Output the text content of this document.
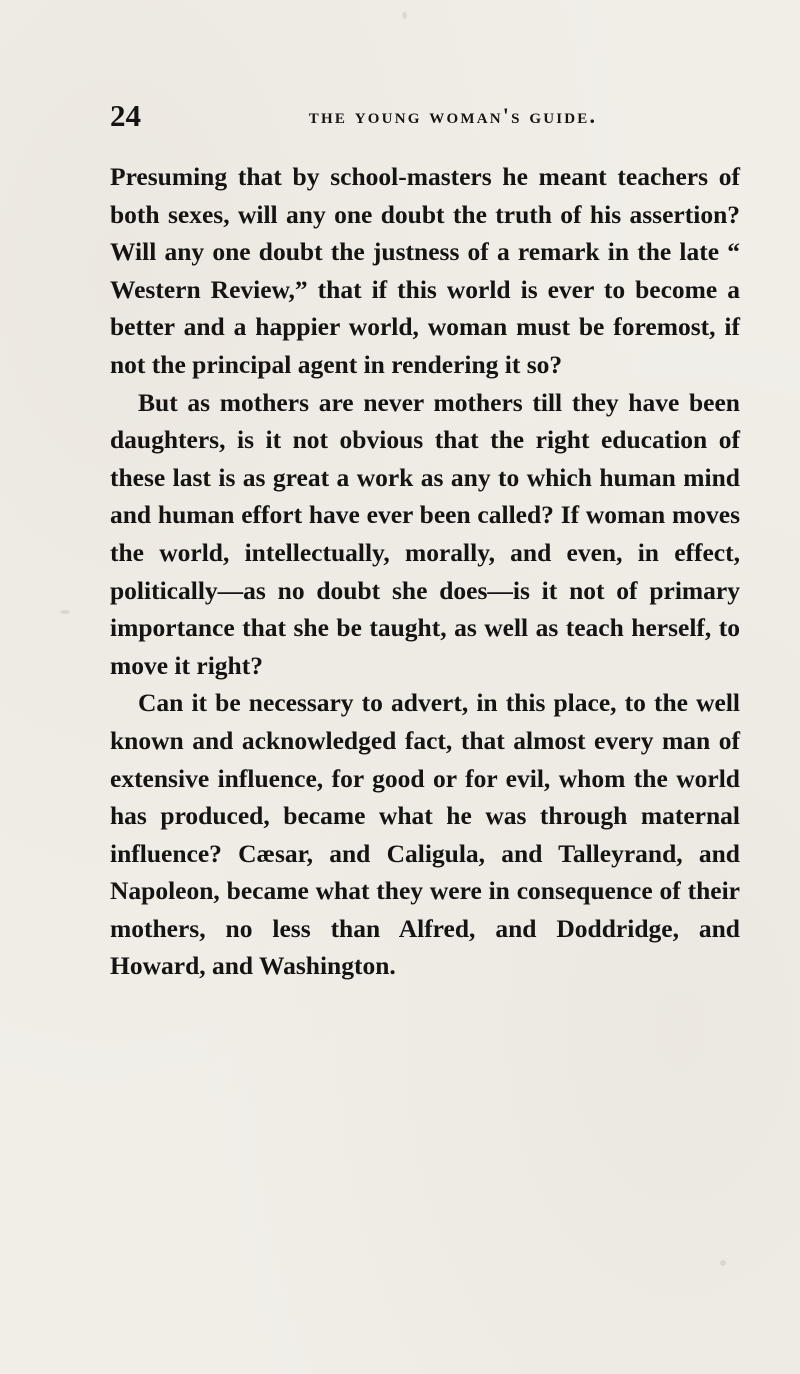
24	the young woman's guide.

Presuming that by school-masters he meant teachers of both sexes, will any one doubt the truth of his assertion? Will any one doubt the justness of a remark in the late “ Western Review,” that if this world is ever to become a better and a happier world, woman must be foremost, if not the principal agent in rendering it so?

But as mothers are never mothers till they have been daughters, is it not obvious that the right education of these last is as great a work as any to which human mind and human effort have ever been called? If woman moves the world, intellectually, morally, and even, in effect, politically—as no doubt she does—is it not of primary importance that she be taught, as well as teach herself, to move it right?

Can it be necessary to advert, in this place, to the well known and acknowledged fact, that almost every man of extensive influence, for good or for evil, whom the world has produced, became what he was through maternal influence? Cæsar, and Caligula, and Talleyrand, and Napoleon, became what they were in consequence of their mothers, no less than Alfred, and Doddridge, and Howard, and Washington.
